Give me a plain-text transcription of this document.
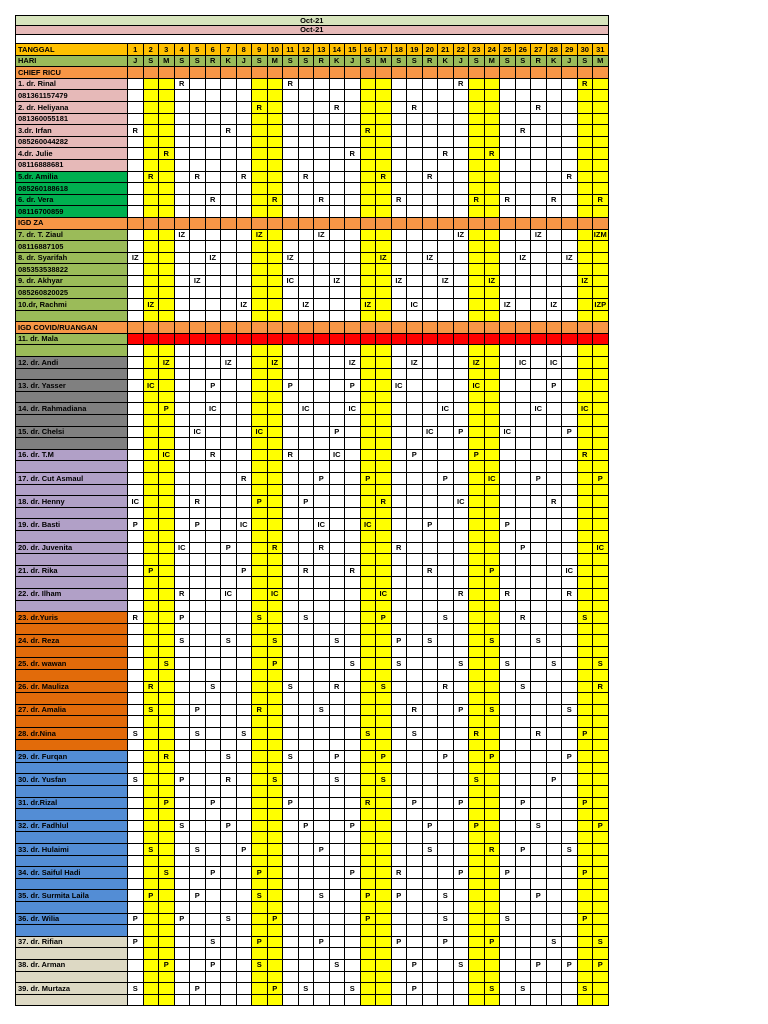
Oct-21																															
Oct-21																															

TANGGAL	1	2	3	4	5	6	7	8	9	10	11	12	13	14	15	16	17	18	19	20	21	22	23	24	25	26	27	28	29	30	31
HARI	J	S	M	S	S	R	K	J	S	M	S	S	R	K	J	S	M	S	S	R	K	J	S	M	S	S	R	K	J	S	M
CHIEF RICU																															
1. dr. Rinal				R							R											R								R	
081361157479																															
2. dr. Heliyana									R					R					R								R				
081360055181																															
3.dr. Irfan	R						R									R										R					
085260044282																															
4.dr. Julie			R												R						R			R							
08116888681																															
5.dr. Amilia		R			R			R				R					R			R									R		
085260188618																															
6. dr. Vera						R				R			R					R					R		R			R			R
08116700859																															
IGD ZA																															
7. dr. T. Ziaul				IZ					IZ				IZ									IZ					IZ				IZM
08116887105																															
8. dr. Syarifah	IZ					IZ					IZ						IZ			IZ						IZ			IZ		
085353538822																															
9. dr. Akhyar					IZ						IC			IZ				IZ			IZ			IZ						IZ	
085260820025																															
10.dr, Rachmi		IZ						IZ				IZ				IZ			IC						IZ			IZ			IZP

IGD COVID/RUANGAN																															
11. dr. Mala																															

12. dr. Andi			IZ				IZ			IZ					IZ				IZ				IZ			IC		IC			

13. dr. Yasser		IC				P					P				P			IC					IC					P			

14. dr. Rahmadiana			P			IC						IC			IC						IC						IC			IC	

15. dr. Chelsi					IC				IC					P						IC		P			IC				P		

16. dr. T.M			IC			R					R			IC					P				P							R	

17. dr. Cut Asmaul								R					P			P					P			IC			P				P

18. dr. Henny	IC				R				P			P					R					IC						R			

19. dr. Basti	P				P			IC					IC			IC				P					P						

20. dr. Juvenita				IC			P			R			R					R								P					IC

21. dr. Rika		P						P				R			R					R				P					IC		

22. dr. Ilham				R			IC			IC							IC					R			R				R		

23. dr.Yuris	R			P					S			S					P				S					R				S	

24. dr. Reza				S			S			S				S				P		S				S			S				

25. dr. wawan			S							P					S			S				S			S			S			S

26. dr. Mauliza		R				S					S			R			S				R					S					R

27. dr. Amalia		S			P				R				S						R			P		S					S		

28. dr.Nina	S				S			S								S			S				R				R			P	

29. dr. Furqan			R				S				S			P			P				P			P					P		

30. dr. Yusfan	S			P			R			S				S			S						S					P			

31. dr.Rizal			P			P					P					R			P			P				P				P	

32. dr. Fadhlul				S			P					P			P					P			P				S				P

33. dr. Hulaimi		S			S			P					P							S				R		P			S		

34. dr. Saiful Hadi			S			P			P						P			R				P			P					P	

35. dr. Surmita Laila		P			P				S				S			P		P			S						P				

36. dr. Wilia	P			P			S			P						P					S				S					P	

37. dr. Rifian	P					S			P				P					P			P			P				S			S

38. dr. Arman			P			P			S					S					P			S					P		P		P

39. dr. Murtaza	S				P					P		S			S				P					S		S				S	
